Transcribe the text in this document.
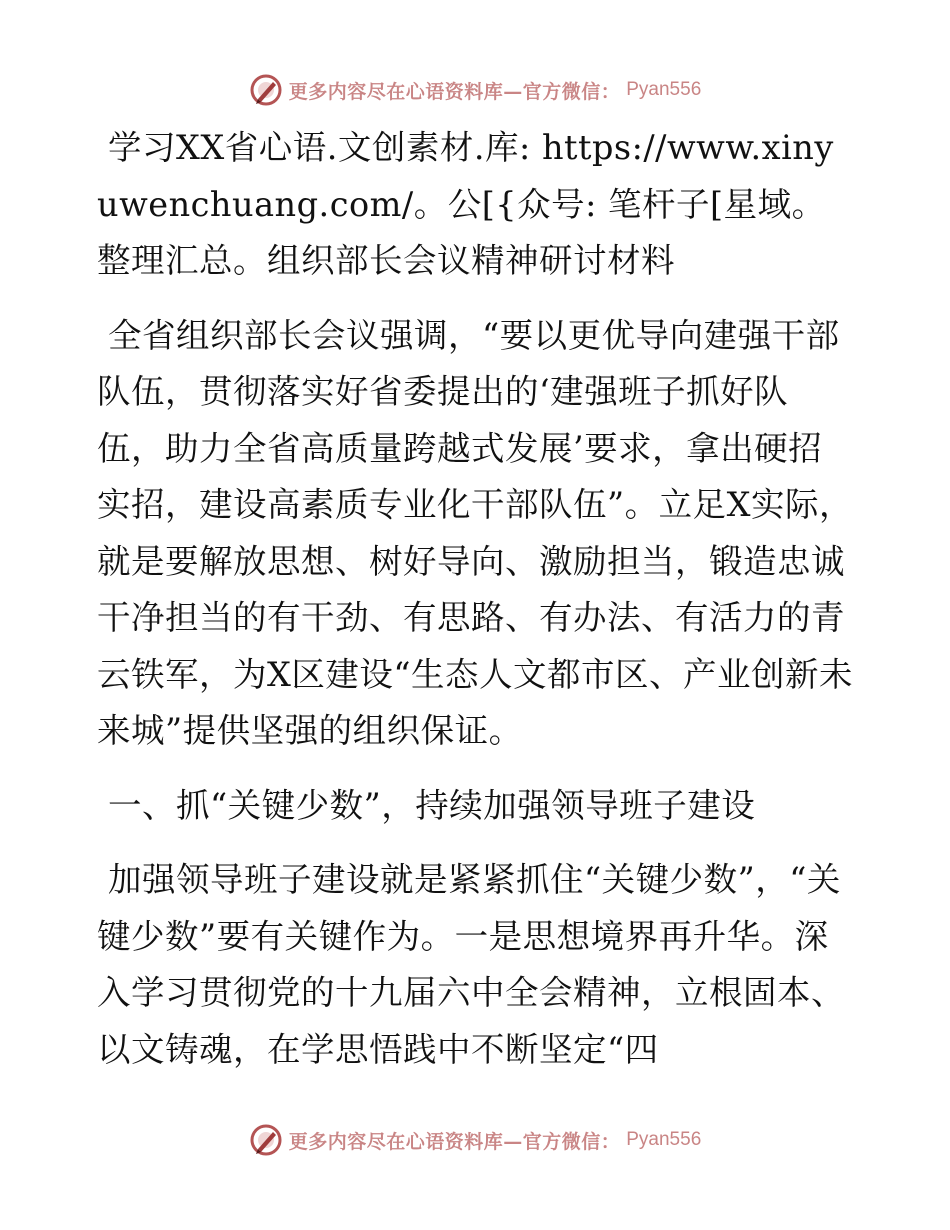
更多内容尽在心语资料库—官方微信： Pyan556

学习XX省心语.文创素材.库: https://www.xinyuwenchuang.com/。公[{众号: 笔杆子[星域。整理汇总。组织部长会议精神研讨材料

全省组织部长会议强调，“要以更优导向建强干部队伍，贯彻落实好省委提出的‘建强班子抓好队伍，助力全省高质量跨越式发展’要求，拿出硬招实招，建设高素质专业化干部队伍”。立足X实际，就是要解放思想、树好导向、激励担当，锻造忠诚干净担当的有干劲、有思路、有办法、有活力的青云铁军，为X区建设“生态人文都市区、产业创新未来城”提供坚强的组织保证。

一、抓“关键少数”，持续加强领导班子建设

加强领导班子建设就是紧紧抓住“关键少数”，“关键少数”要有关键作为。一是思想境界再升华。深入学习贯彻党的十九届六中全会精神，立根固本、以文铸魂，在学思悟践中不断坚定“四

更多内容尽在心语资料库—官方微信： Pyan556
